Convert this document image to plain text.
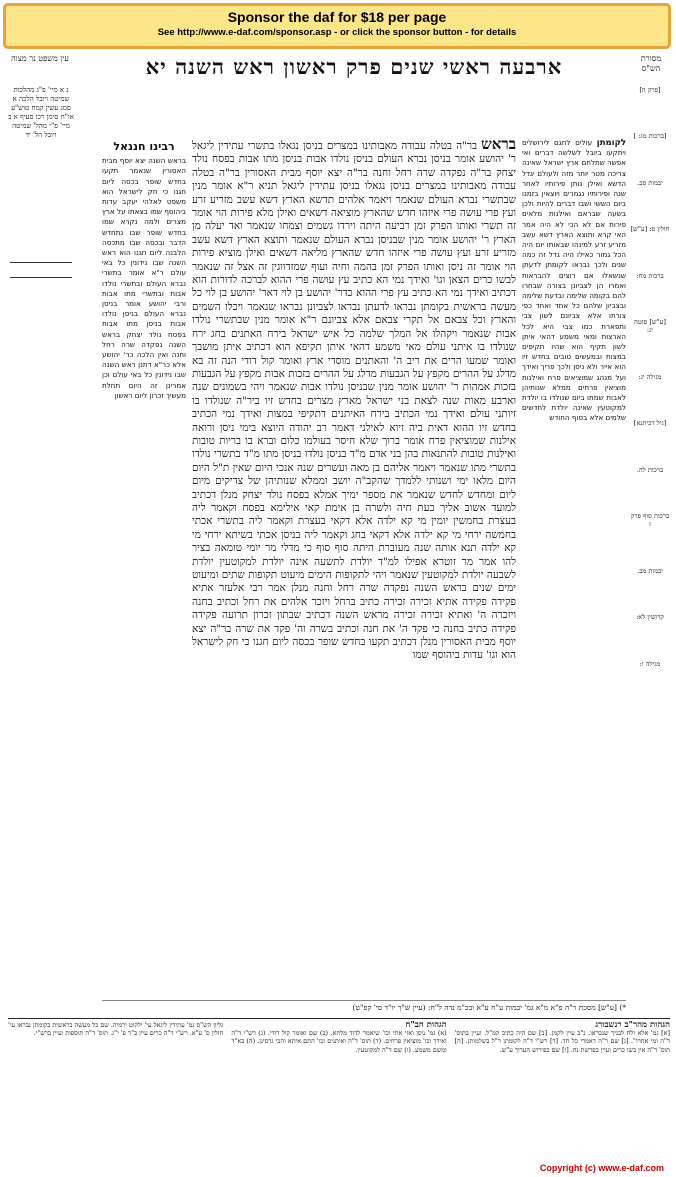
Sponsor the daf for $18 per page
See http://www.e-daf.com/sponsor.asp - or click the sponsor button - for details
מסורת הש"ס
ארבעה ראשי שנים פרק ראשון ראש השנה יא
עין משפט נר מצוה
[פרק ה]
[ברכות מג: ]
יבמות סב.
חולין ס: [ע"ש]
ברכות מח:
[ע"ש] סוטה יג:
מגילה יג:
[גיל דכיתנא]
ברכות לה.
ברכות סוף פרק ז
יבמות מב.
קדושין לא:
מגילה ו:
לקומתן עולים לחגם לירושלים ויתקעו ביובל לשלשה דברים ואי אפשר שתלחם ארץ ישראל שאינה צריכה מטר יותר מזה ולעולם יגדל הדשא ואילן נותן פירותיו לאחר שנה ופירותיו נגמרים ויוצאין בזמנו ביום הששי ושבו דברים להיות ולכן בשעה שבראם ואילנות מלאים פירות אם לא הכי לא היה אמר האי קרא ותוצא הארץ דשא עשב מזריע זרע למינהו שבאותו יום היה הכל גמור כאילו היה גדל זה כמה שנים ולכך נבראו לקומתן לדעתן שנשאלו אם רוצים להבראות ואמרו הן לצביונן בצורה שבחרו להם בקומה שלימה ובדעת שלימה ובצביון שלהם כל אחד ואחד כפי צורתו אלא צביונם לשון צבי ותפארת כמו צבי היא לכל הארצות ומאי משמע דהאי איתן לשון תקיף הוא שהיו תקיפים במצות ובמעשים טובים בחדש זיו הוא אייר ולא ניסן ולכך פריך ואידך ועל מנהג שמוציאים פרח ואילנות מוציאין פרחים ממלא שנותיהן לאבות שמתו ביום שנולדו בו יולדת למקוטעין שאינה יולדת לחדשים שלמים אלא בסוף החודש
בראש בר"ה בטלה עבודה מאבותינו במצרים בניסן נגאלו בתשרי עתידין ליגאל ר' יהושע אומר בניסן נברא העולם בניסן נולדו אבות בניסן מתו אבות בפסח נולד יצחק בר"ה נפקדה שרה רחל וחנה בר"ה יצא יוסף מבית האסורין בר"ה בטלה עבודה מאבותינו במצרים בניסן נגאלו בניסן עתידין ליגאל תניא ר"א אומר מנין שבתשרי נברא העולם שנאמר ויאמר אלהים תדשא הארץ דשא עשב מזריע זרע ועץ פרי עושה פרי איזהו חדש שהארץ מוציאה דשאים ואילן מלא פירות הוי אומר זה תשרי ואותו הפרק זמן רביעה היתה וירדו גשמים וצמחו שנאמר ואד יעלה מן הארץ ר' יהושע אומר מנין שבניסן נברא העולם שנאמר ותוצא הארץ דשא עשב מזריע זרע ועץ עושה פרי איזהו חדש שהארץ מליאה דשאים ואילן מוציא פירות הוי אומר זה ניסן ואותו הפרק זמן בהמה וחיה ועוף שמזדווגין זה אצל זה שנאמר לבשו כרים הצאן וגו' ואידך נמי הא כתיב עץ עושה פרי ההוא לברכה לדורות הוא דכתיב ואידך נמי הא כתיב עץ פרי ההוא כדר' יהושע בן לוי דאר' יהושע בן לוי כל מעשה בראשית בקומתן נבראו לדעתן נבראו לצביונן נבראו שנאמר ויכלו השמים והארץ וכל צבאם אל תקרי צבאם אלא צביונם ר"א אומר מנין שבתשרי נולדו אבות שנאמר ויקהלו אל המלך שלמה כל איש ישראל בירח האתנים בחג ירח שנולדו בו איתני עולם מאי משמע דהאי איתן תקיפא הוא דכתיב איתן מושבך ואומר שמעו הרים את ריב ה' והאתנים מוסדי ארץ ואומר קול דודי הנה זה בא מדלג על ההרים מקפץ על הגבעות מדלג על ההרים בזכות אבות מקפץ על הגבעות בזכות אמהות ר' יהושע אומר מנין שבניסן נולדו אבות שנאמר ויהי בשמונים שנה וארבע מאות שנה לצאת בני ישראל מארץ מצרים בחדש זיו ביר"ה שנולדו בו זיותני עולם ואידך נמי הכתיב בירח האיתנים דתקיפי במצות ואידך נמי הכתיב בחדש זיו ההוא דאית ביה זיוא לאילני דאמר רב יהודה היוצא בימי ניסן ורואה אילנות שמוציאין פרח אומר ברוך שלא חיסר בעולמו כלום וברא בו בריות טובות ואילנות טובות להתנאות בהן בני אדם מ"ד בניסן נולדו בניסן מתו מ"ד בתשרי נולדו בתשרי מתו שנאמר ויאמר אליהם בן מאה ועשרים שנה אנכי היום שאין ת"ל היום היום מלאו ימי ושנותי ללמדך שהקב"ה יושב וממלא שנותיהן של צדיקים מיום ליום ומחדש לחדש שנאמר את מספר ימיך אמלא בפסח נולד יצחק מנלן דכתיב למועד אשוב אליך כעת חיה ולשרה בן אימת קאי אילימא בפסח וקאמר ליה בעצרת בחמשין יומין מי קא ילדה אלא דקאי בעצרת וקאמר ליה בתשרי אכתי בחמשה ירחי מי קא ילדה אלא דקאי בחג וקאמר ליה בניסן אכתי בשיתא ירחי מי קא ילדה תנא אותה שנה מעוברת היתה סוף סוף כי מדלי מר יומי טומאה בציר להו אמר מר זוטרא אפילו למ"ד יולדת לתשעה אינה יולדת למקוטעין יולדת לשבעה יולדת למקוטעין שנאמר ויהי לתקופות הימים מיעוט תקופות שתים ומיעוט ימים שנים בראש השנה נפקדה שרה רחל וחנה מנלן אמר רבי אלעזר אתיא פקידה פקידה אתיא זכירה זכירה כתיב ברחל ויזכר אלהים את רחל וכתיב בחנה ויזכרה ה' ואתיא זכירה זכירה מראש השנה דכתיב שבתון זכרון תרועה פקידה פקידה כתיב בחנה כי פקד ה' את חנה וכתיב בשרה וה' פקד את שרה בר"ה יצא יוסף מבית האסורין מנלן דכתיב תקעו בחדש שופר בכסה ליום חגנו כי חק לישראל הוא וגו' עדות ביהוסף שמו
רבינו חננאל
בראש השנה יצא יוסף מבית האסורין שנאמר תקעו בחדש שופר בכסה ליום חגנו כי חק לישראל הוא משפט לאלהי יעקב עדות ביהוסף שמו בצאתו על ארץ מצרים ולמה נקרא שמו בחדש שופר שבו נתחדש הדבר ובכסה שבו מתכסה הלבנה ליום חגנו הוא ראש השנה שבו נידונין כל באי עולם ר"א אומר בתשרי נברא העולם ובתשרי נולדו אבות ובתשרי מתו אבות ורבי יהושע אומר בניסן נברא העולם בניסן נולדו אבות בניסן מתו אבות בפסח נולד יצחק בראש השנה נפקדה שרה רחל וחנה ואין הלכה כר' יהושע אלא כר"א דתנן ראש השנה שבו נידונין כל באי עולם וכן אמרינן זה היום תחלת מעשיך זכרון ליום ראשון
נ א מיי' פ"ג מהלכות שמיטה ויובל הלכה א סמג עשין קמח טוש"ע או"ח סימן רכו סעיף א ב מיי' פ"י מהל' שמיטה ויובל הל' יד
*) [ע"ש] מסכת ר"ה פ"א מ"א גמ' יבמות ע"ח ע"א ובכ"מ נדה ל"ח: (עיין ש"ך יו"ד סי' קפ"ט)
הגהות מהר"ב רנשבורג
[א] גמ' אלא ולח לבניך שנבראו. נ"ב עיין לקמן. [ב] שם היה כתיב קמ"ל. ועיין בתוס' ד"ה ומי אחרו". [ג] שם ר"ה דאמרי כל חד. [ד] רש"י ד"ה לקומתן ר"ל בשלמותן. [ה] תוס' ד"ה אין בשו כרים ועיין בפרשת נח. [ו] שם בפירוש הערוך ע"ש.
הגהות הב"ח
(א) גמ' ניסן ואזי אתי וכו' שיאמר לדוד מלתא. (ב) שם ואומר קול דודי. (ג) רש"י ד"ה ואידך וכו' מוציאין פרחים. (ד) תוס' ד"ה ואיתנים וכו' התם איתא והכי גרסינן. (ה) בא"ד ומשם משמע. (ו) שם ד"ה למקוטעין.
גליון הש"ס גמ' עתידין ליגאל עי' ילקוט ירמיה. שם כל מעשה בראשית בקומתן נבראו עי' חולין ס' ע"א. רש"י ד"ה כרים עיין ב"ר פ' י"ג. תוס' ד"ה תוספות ועיין ברש"י.
Copyright (c) www.e-daf.com
